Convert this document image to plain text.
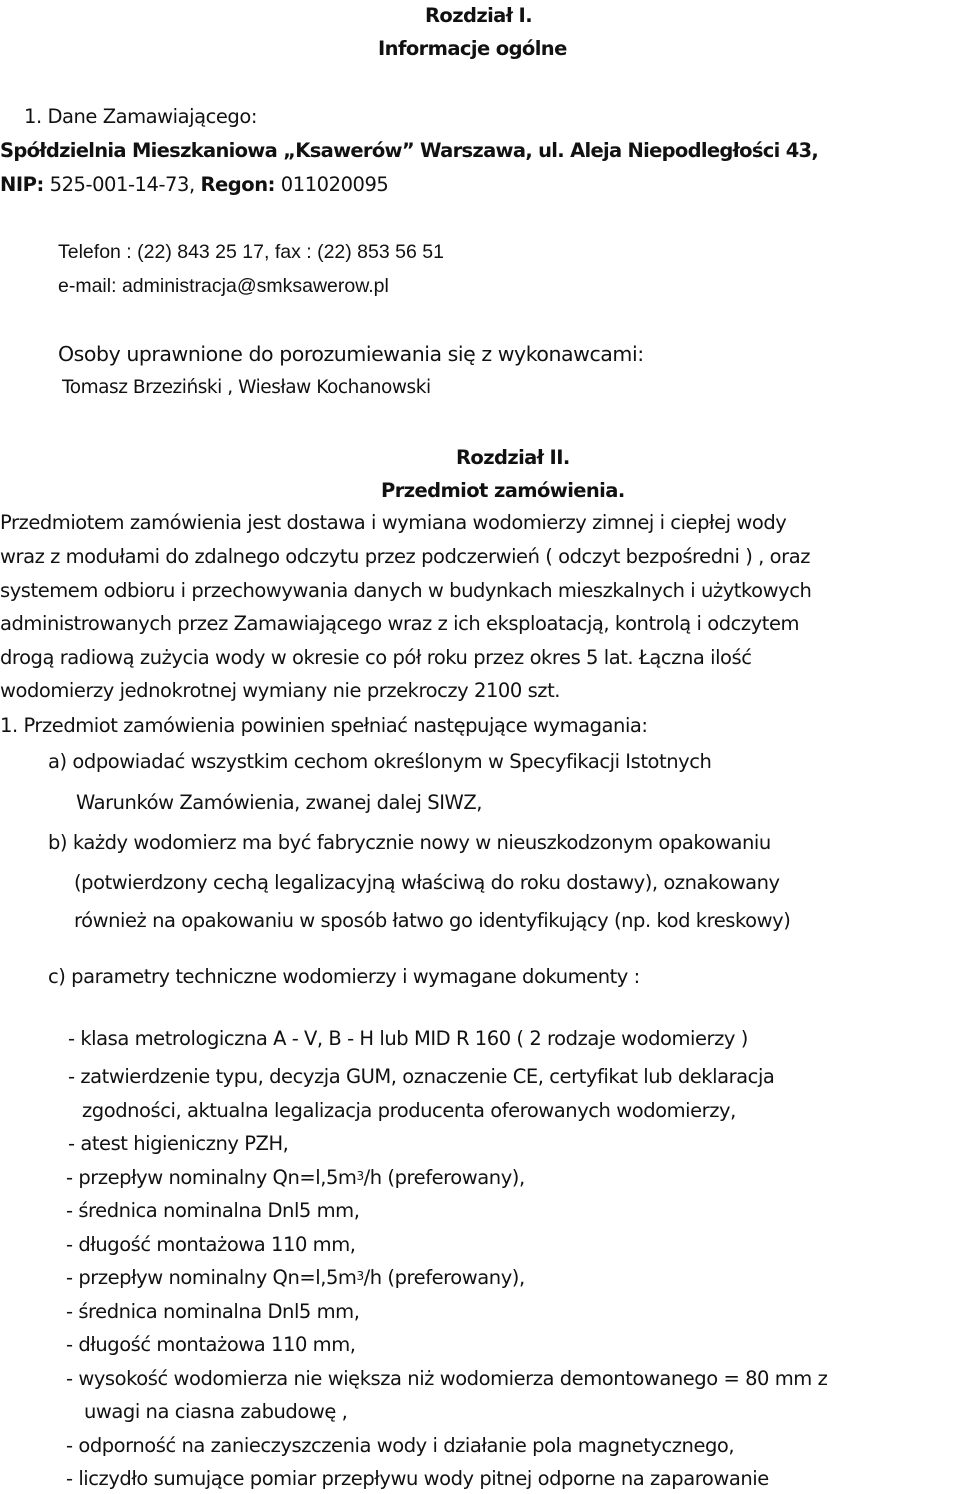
Rozdział I.
Informacje ogólne
1. Dane Zamawiającego:
Spółdzielnia Mieszkaniowa „Ksawerów” Warszawa, ul. Aleja Niepodległości 43,
NIP: 525-001-14-73, Regon: 011020095
Telefon : (22) 843 25 17, fax : (22) 853 56 51
e-mail: administracja@smksawerow.pl
Osoby uprawnione do porozumiewania się z wykonawcami:
Tomasz Brzeziński , Wiesław Kochanowski
Rozdział II.
Przedmiot zamówienia.
Przedmiotem zamówienia jest dostawa i wymiana wodomierzy zimnej i ciepłej wody
wraz z modułami do zdalnego odczytu przez podczerwień ( odczyt bezpośredni ) , oraz
systemem odbioru i przechowywania danych w budynkach mieszkalnych i użytkowych
administrowanych przez Zamawiającego wraz z ich eksploatacją, kontrolą i odczytem
drogą radiową zużycia wody w okresie co pół roku przez okres 5 lat. Łączna ilość
wodomierzy jednokrotnej wymiany nie przekroczy 2100 szt.
1. Przedmiot zamówienia powinien spełniać następujące wymagania:
a) odpowiadać wszystkim cechom określonym w Specyfikacji Istotnych
Warunków Zamówienia, zwanej dalej SIWZ,
b) każdy wodomierz ma być fabrycznie nowy w nieuszkodzonym opakowaniu
(potwierdzony cechą legalizacyjną właściwą do roku dostawy), oznakowany
również na opakowaniu w sposób łatwo go identyfikujący (np. kod kreskowy)
c) parametry techniczne wodomierzy i wymagane dokumenty :
- klasa metrologiczna A - V, B - H lub MID R 160 ( 2 rodzaje wodomierzy )
- zatwierdzenie typu, decyzja GUM, oznaczenie CE, certyfikat lub deklaracja
zgodności, aktualna legalizacja producenta oferowanych wodomierzy,
- atest higieniczny PZH,
- przepływ nominalny $Qn=l,5m^3/h$ (preferowany),
- średnica nominalna Dnl5 mm,
- długość montażowa 110 mm,
- przepływ nominalny $Qn=l,5m^3/h$ (preferowany),
- średnica nominalna Dnl5 mm,
- długość montażowa 110 mm,
- wysokość wodomierza nie większa niż wodomierza demontowanego = 80 mm z
uwagi na ciasna zabudowę ,
- odporność na zanieczyszczenia wody i działanie pola magnetycznego,
- liczydło sumujące pomiar przepływu wody pitnej odporne na zaparowanie
